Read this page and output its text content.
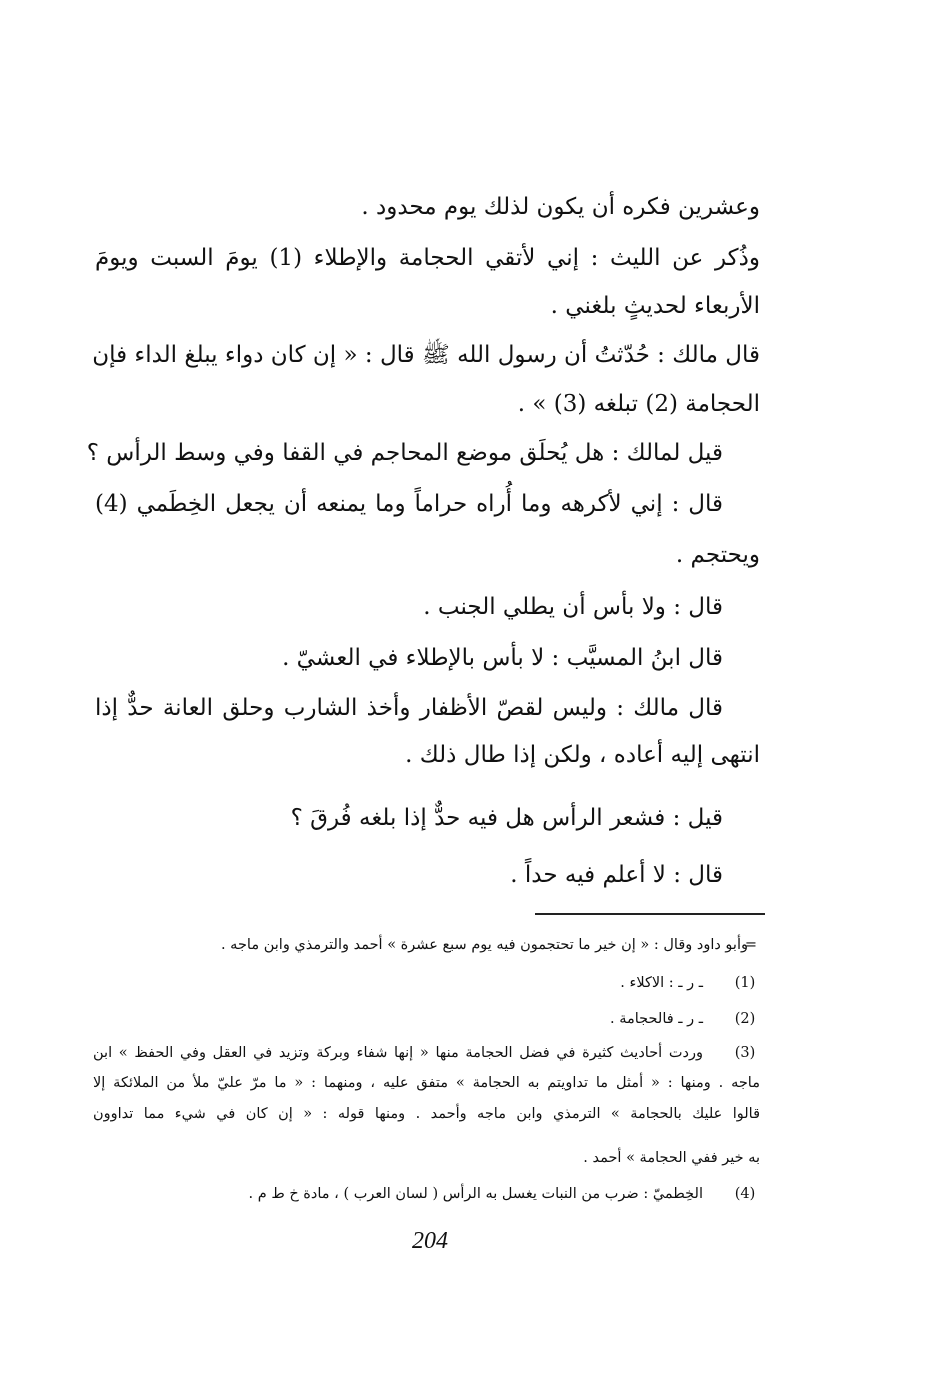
وعشرين فكره أن يكون لذلك يوم محدود .
وذُكر عن الليث : إني لأتقي الحجامة والإطلاء (1) يومَ السبت ويومَ
الأربعاء لحديثٍ بلغني .
قال مالك : حُدّثتُ أن رسول الله ﷺ قال : « إن كان دواء يبلغ الداء فإن
الحجامة (2) تبلغه (3) » .
قيل لمالك : هل يُحلَق موضع المحاجم في القفا وفي وسط الرأس ؟
قال : إني لأكرهه وما أُراه حراماً وما يمنعه أن يجعل الخِطَمي (4)
ويحتجم .
قال : ولا بأس أن يطلي الجنب .
قال ابنُ المسيَّب : لا بأس بالإطلاء في العشيّ .
قال مالك : وليس لقصّ الأظفار وأخذ الشارب وحلق العانة حدٌّ إذا
انتهى إليه أعاده ، ولكن إذا طال ذلك .
قيل : فشعر الرأس هل فيه حدٌّ إذا بلغه فُرقَ ؟
قال : لا أعلم فيه حداً .
=
وأبو داود وقال : « إن خير ما تحتجمون فيه يوم سبع عشرة » أحمد والترمذي وابن ماجه .
(1)
ـ ر ـ : الاكلاء .
(2)
ـ ر ـ فالحجامة .
(3)
وردت أحاديث كثيرة في فضل الحجامة منها « إنها شفاء وبركة وتزيد في العقل وفي الحفظ » ابن
ماجه . ومنها : « أمثل ما تداويتم به الحجامة » متفق عليه ، ومنهما : « ما مرّ عليّ ملأ من الملائكة إلا
قالوا عليك بالحجامة » الترمذي وابن ماجه وأحمد . ومنها قوله : « إن كان في شيء مما تداوون
به خير ففي الحجامة » أحمد .
(4)
الخِطميّ : ضرب من النبات يغسل به الرأس ( لسان العرب ) ، مادة خ ط م .
204
